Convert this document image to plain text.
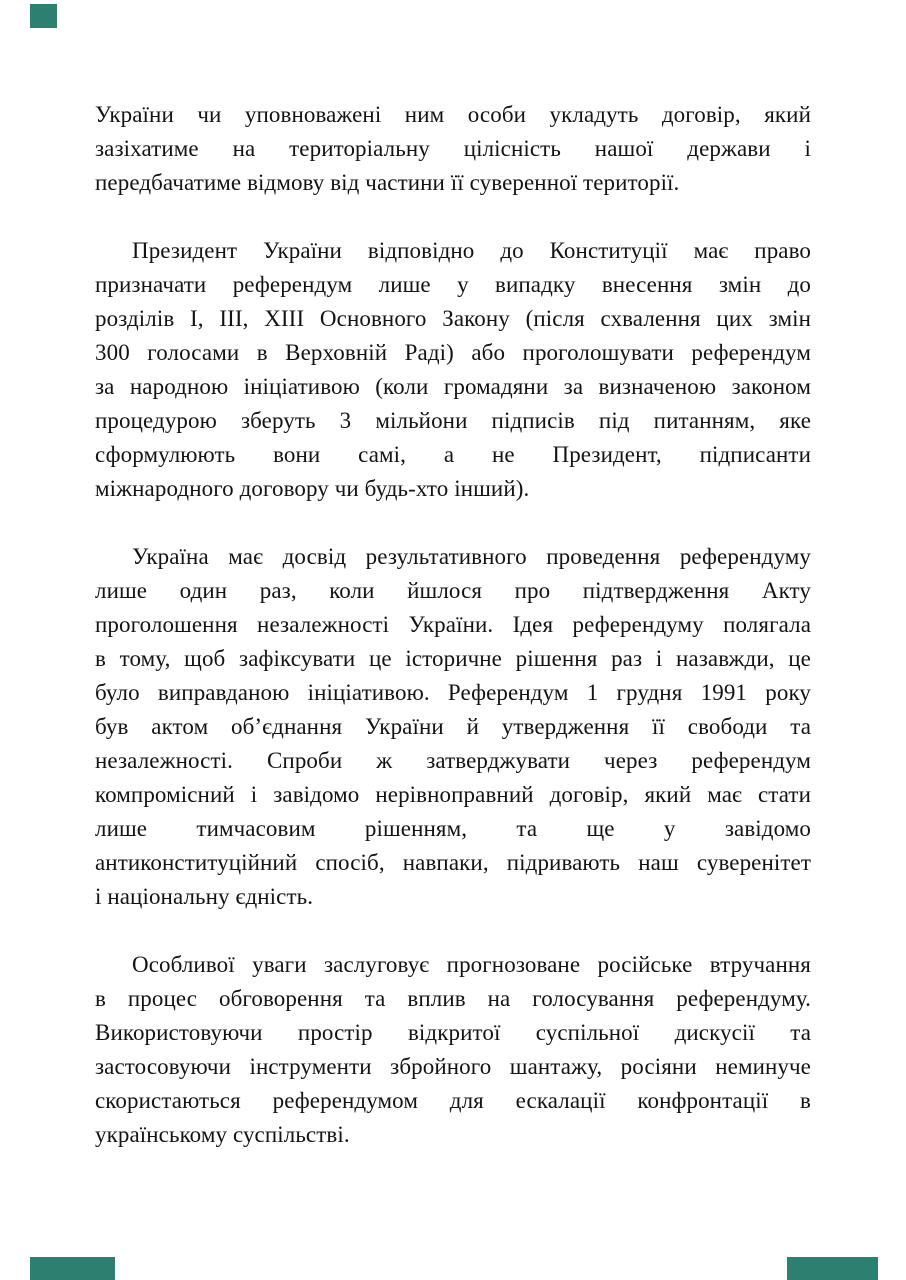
України чи уповноважені ним особи укладуть договір, який
зазіхатиме на територіальну цілісність нашої держави і
передбачатиме відмову від частини її суверенної території.

Президент України відповідно до Конституції має право
призначати референдум лише у випадку внесення змін до
розділів І, ІІІ, ХІІІ Основного Закону (після схвалення цих змін
300 голосами в Верховній Раді) або проголошувати референдум
за народною ініціативою (коли громадяни за визначеною законом
процедурою зберуть 3 мільйони підписів під питанням, яке
сформулюють вони самі, а не Президент, підписанти
міжнародного договору чи будь-хто інший).

Україна має досвід результативного проведення референдуму
лише один раз, коли йшлося про підтвердження Акту
проголошення незалежності України. Ідея референдуму полягала
в тому, щоб зафіксувати це історичне рішення раз і назавжди, це
було виправданою ініціативою. Референдум 1 грудня 1991 року
був актом об’єднання України й утвердження її свободи та
незалежності. Спроби ж затверджувати через референдум
компромісний і завідомо нерівноправний договір, який має стати
лише тимчасовим рішенням, та ще у завідомо
антиконституційний спосіб, навпаки, підривають наш суверенітет
і національну єдність.

Особливої уваги заслуговує прогнозоване російське втручання
в процес обговорення та вплив на голосування референдуму.
Використовуючи простір відкритої суспільної дискусії та
застосовуючи інструменти збройного шантажу, росіяни неминуче
скористаються референдумом для ескалації конфронтації в
українському суспільстві.
